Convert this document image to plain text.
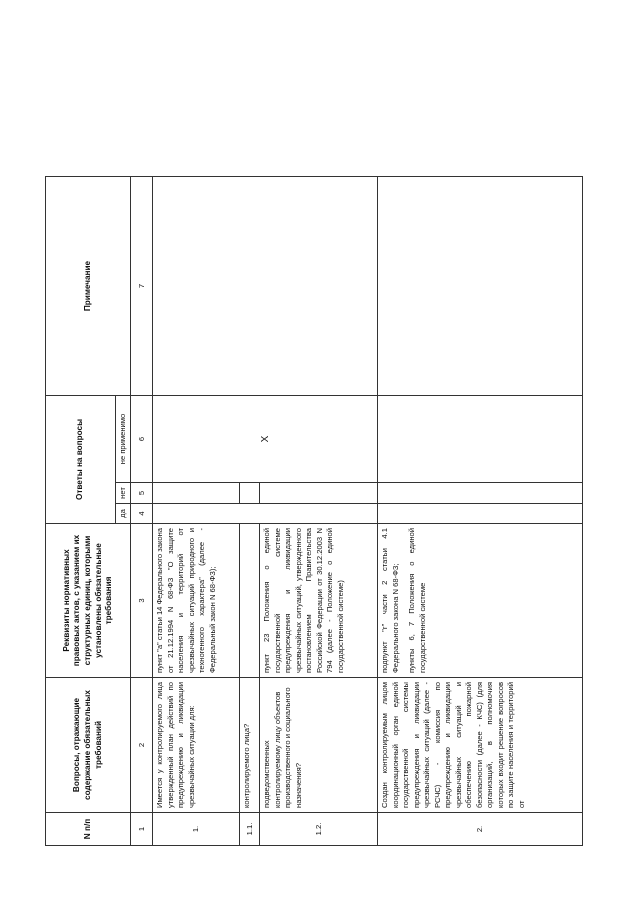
N п/п	Вопросы, отражающие содержание обязательных требований	Реквизиты нормативных правовых актов, с указанием их структурных единиц, которыми установлены обязательные требования	Ответы на вопросы			Примечание
			да	нет	не применимо	
1	2	3	4	5	6	7
1.	Имеется у контролируемого лица утвержденный план действий по предупреждению и ликвидации чрезвычайных ситуации для:	пункт "а" статьи 14 Федерального закона от 21.12.1994 N 68-ФЗ "О защите населения и территорий от чрезвычайных ситуаций природного и техногенного характера" (далее - Федеральный закон N 68-ФЗ);			X	
1.1.	контролируемого лица?					
1.2.	подведомственных контролируемому лицу объектов производственного и социального назначения?	пункт 23 Положения о единой государственной системе предупреждения и ликвидации чрезвычайных ситуаций, утвержденного постановлением Правительства Российской Федерации от 30.12.2003 N 794 (далее - Положение о единой государственной системе)				
2.	Создан контролируемым лицом координационный орган единой государственной системы предупреждения и ликвидации чрезвычайных ситуаций (далее - РСЧС) - комиссия по предупреждению и ликвидации чрезвычайных ситуаций и обеспечению пожарной безопасности (далее - КЧС) (для организаций, в полномочия которых входит решение вопросов по защите населения и территорий от	подпункт "г" части 2 статьи 4.1 Федерального закона N 68-ФЗ; пункты 6, 7 Положения о единой государственной системе				
